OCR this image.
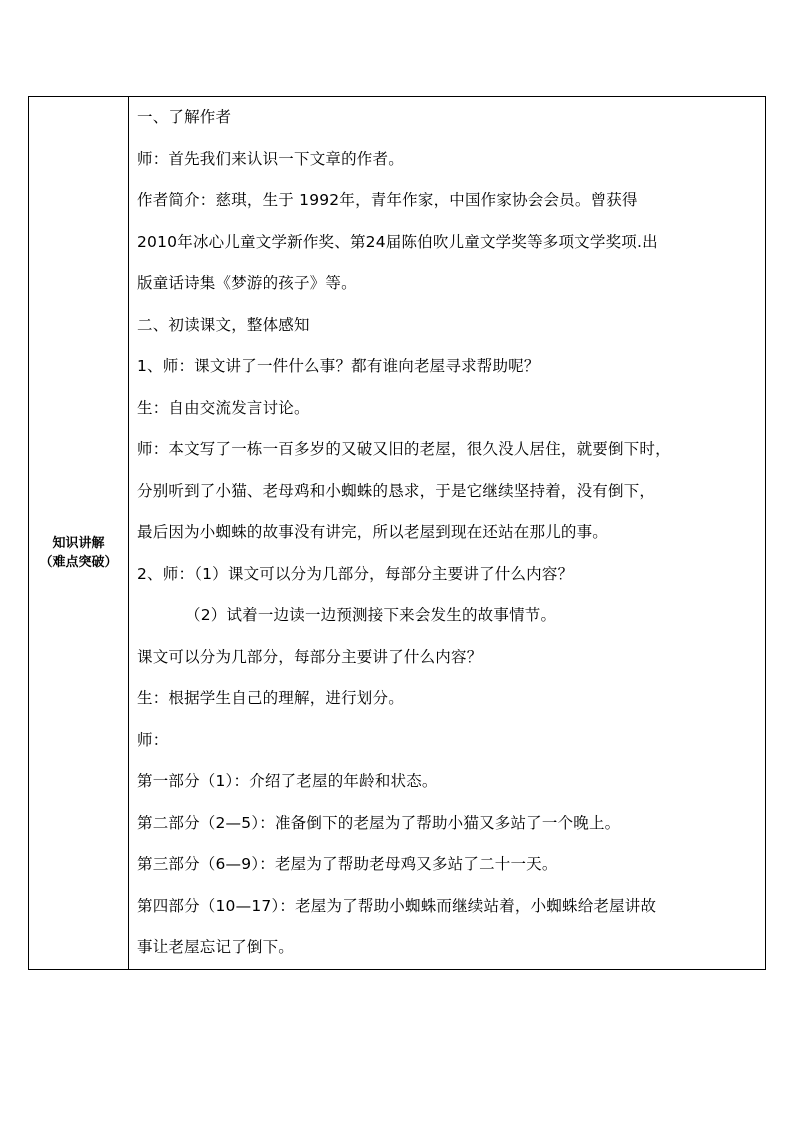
知识讲解
（难点突破）

一、了解作者

师：首先我们来认识一下文章的作者。

作者简介：慈琪，生于 1992年，青年作家，中国作家协会会员。曾获得

2010年冰心儿童文学新作奖、第24届陈伯吹儿童文学奖等多项文学奖项.出

版童话诗集《梦游的孩子》等。

二、初读课文，整体感知

1、师：课文讲了一件什么事？都有谁向老屋寻求帮助呢？

生：自由交流发言讨论。

师：本文写了一栋一百多岁的又破又旧的老屋，很久没人居住，就要倒下时，

分别听到了小猫、老母鸡和小蜘蛛的恳求，于是它继续坚持着，没有倒下，

最后因为小蜘蛛的故事没有讲完，所以老屋到现在还站在那儿的事。

2、师：（1）课文可以分为几部分，每部分主要讲了什么内容？

（2）试着一边读一边预测接下来会发生的故事情节。

课文可以分为几部分，每部分主要讲了什么内容？

生：根据学生自己的理解，进行划分。

师：

第一部分（1）：介绍了老屋的年龄和状态。

第二部分（2—5）：准备倒下的老屋为了帮助小猫又多站了一个晚上。

第三部分（6—9）：老屋为了帮助老母鸡又多站了二十一天。

第四部分（10—17）：老屋为了帮助小蜘蛛而继续站着，小蜘蛛给老屋讲故

事让老屋忘记了倒下。
